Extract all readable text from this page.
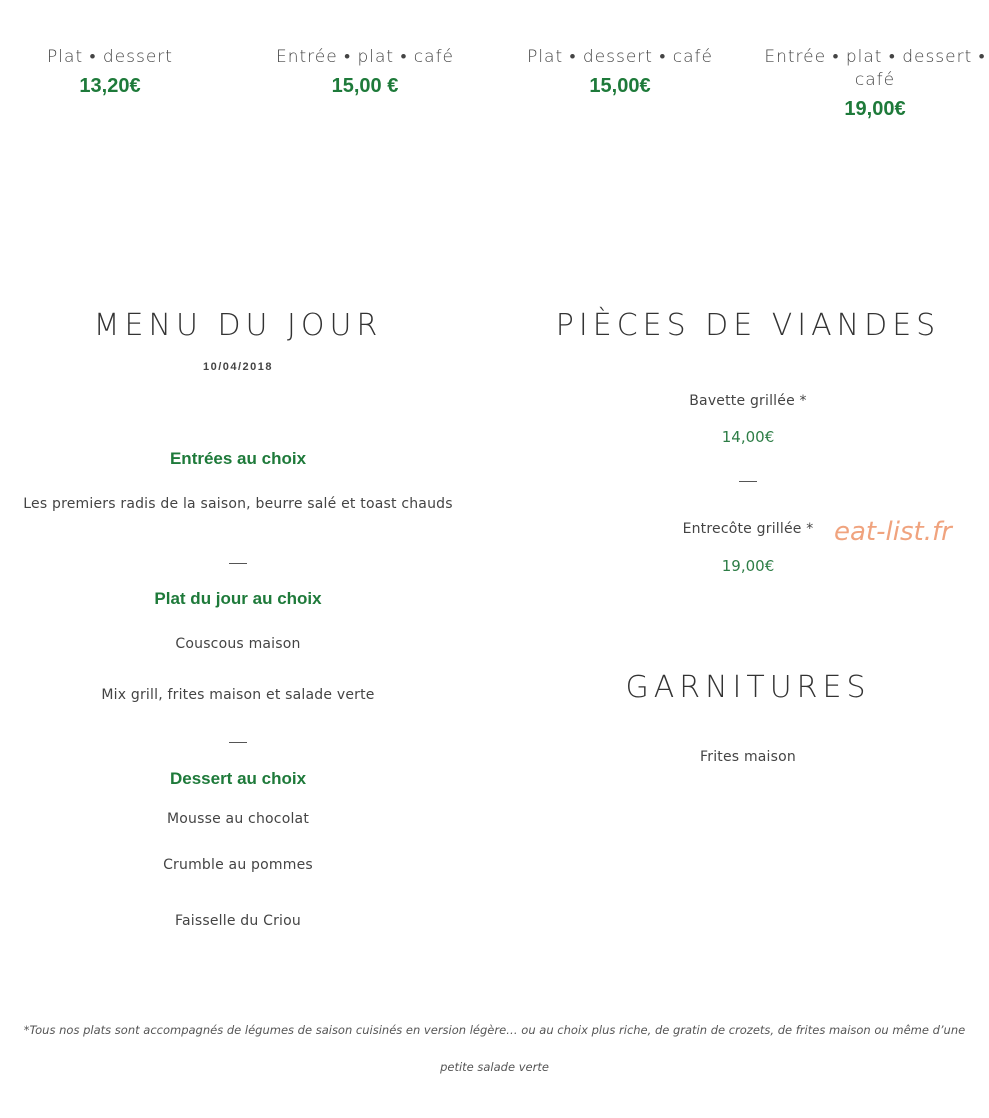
Plat • dessert
13,20€
Entrée • plat • café
15,00 €
Plat • dessert • café
15,00€
Entrée • plat • dessert • café
19,00€
MENU DU JOUR
10/04/2018
Entrées au choix
Les premiers radis de la saison, beurre salé et toast chauds
Plat du jour au choix
Couscous maison
Mix grill, frites maison et salade verte
Dessert au choix
Mousse au chocolat
Crumble au pommes
Faisselle du Criou
PIÈCES DE VIANDES
Bavette grillée *
14,00€
Entrecôte grillée *
19,00€
eat-list.fr
GARNITURES
Frites maison
*Tous nos plats sont accompagnés de légumes de saison cuisinés en version légère… ou au choix plus riche, de gratin de crozets, de frites maison ou même d’une
petite salade verte
